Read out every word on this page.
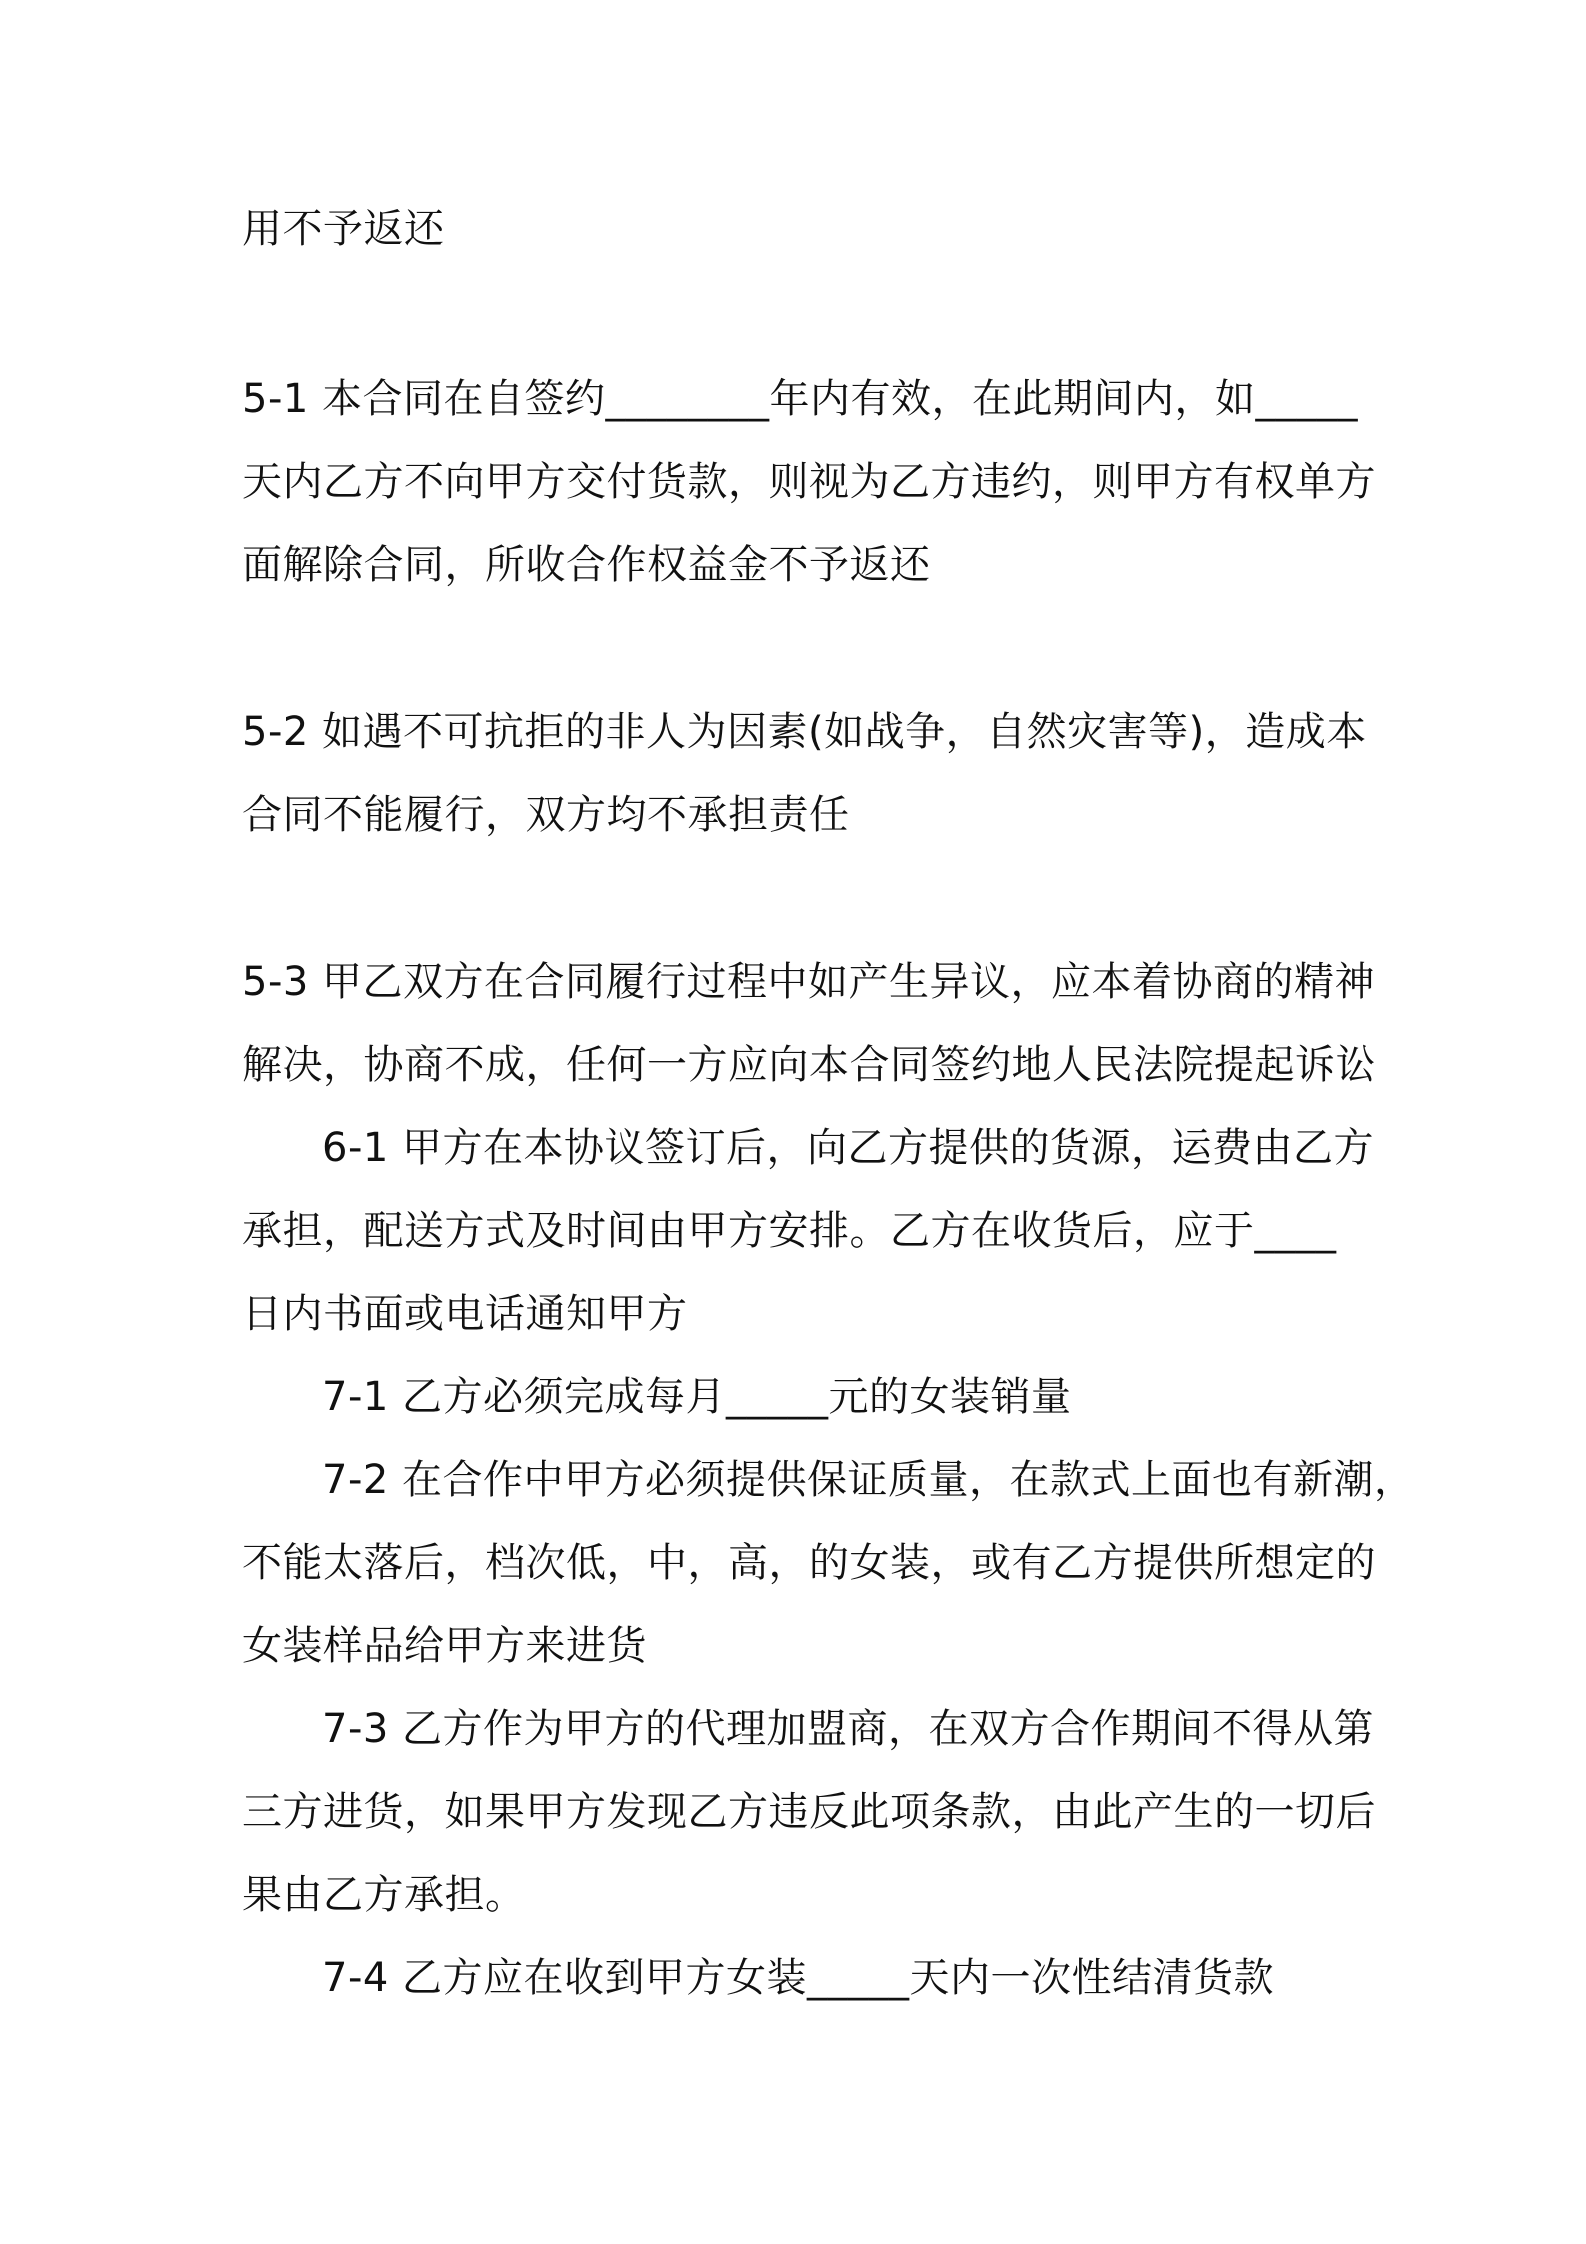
用不予返还
5-1 本合同在自签约________年内有效，在此期间内，如_____
天内乙方不向甲方交付货款，则视为乙方违约，则甲方有权单方
面解除合同，所收合作权益金不予返还
5-2 如遇不可抗拒的非人为因素(如战争，自然灾害等)，造成本
合同不能履行，双方均不承担责任
5-3 甲乙双方在合同履行过程中如产生异议，应本着协商的精神
解决，协商不成，任何一方应向本合同签约地人民法院提起诉讼
6-1 甲方在本协议签订后，向乙方提供的货源，运费由乙方
承担，配送方式及时间由甲方安排。乙方在收货后，应于____
日内书面或电话通知甲方
7-1 乙方必须完成每月_____元的女装销量
7-2 在合作中甲方必须提供保证质量，在款式上面也有新潮，
不能太落后，档次低，中，高，的女装，或有乙方提供所想定的
女装样品给甲方来进货
7-3 乙方作为甲方的代理加盟商，在双方合作期间不得从第
三方进货，如果甲方发现乙方违反此项条款，由此产生的一切后
果由乙方承担。
7-4 乙方应在收到甲方女装_____天内一次性结清货款
